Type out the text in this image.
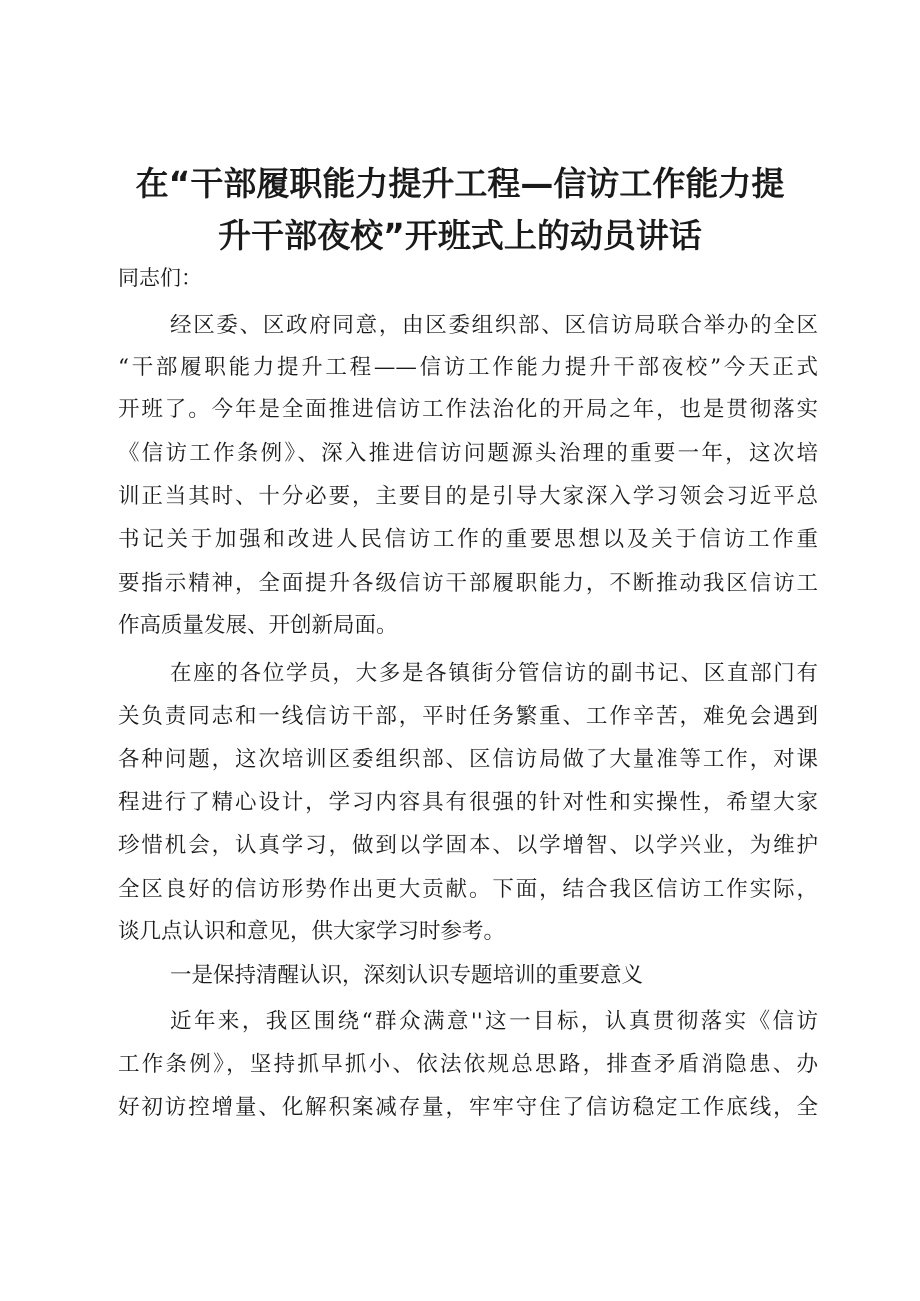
在“干部履职能力提升工程—信访工作能力提
升干部夜校”开班式上的动员讲话

同志们：

经区委、区政府同意，由区委组织部、区信访局联合举办的全区

“干部履职能力提升工程——信访工作能力提升干部夜校”今天正式

开班了。今年是全面推进信访工作法治化的开局之年，也是贯彻落实

《信访工作条例》、深入推进信访问题源头治理的重要一年，这次培

训正当其时、十分必要，主要目的是引导大家深入学习领会习近平总

书记关于加强和改进人民信访工作的重要思想以及关于信访工作重

要指示精神，全面提升各级信访干部履职能力，不断推动我区信访工

作高质量发展、开创新局面。

在座的各位学员，大多是各镇街分管信访的副书记、区直部门有

关负责同志和一线信访干部，平时任务繁重、工作辛苦，难免会遇到

各种问题，这次培训区委组织部、区信访局做了大量准等工作，对课

程进行了精心设计，学习内容具有很强的针对性和实操性，希望大家

珍惜机会，认真学习，做到以学固本、以学增智、以学兴业，为维护

全区良好的信访形势作出更大贡献。下面，结合我区信访工作实际，

谈几点认识和意见，供大家学习时参考。

一是保持清醒认识，深刻认识专题培训的重要意义

近年来，我区围绕“群众满意''这一目标，认真贯彻落实《信访

工作条例》，坚持抓早抓小、依法依规总思路，排查矛盾消隐患、办

好初访控增量、化解积案减存量，牢牢守住了信访稳定工作底线，全
